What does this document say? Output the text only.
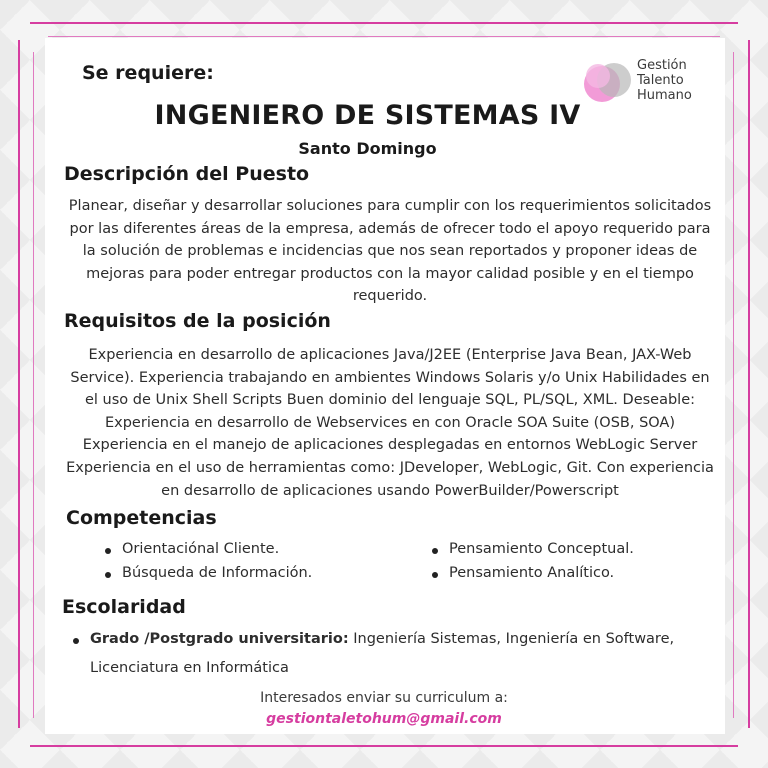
Se requiere:	Gestión
Talento
Humano
INGENIERO DE SISTEMAS IV
Santo Domingo
Descripción del Puesto
Planear, diseñar y desarrollar soluciones para cumplir con los requerimientos solicitados
por las diferentes áreas de la empresa, además de ofrecer todo el apoyo requerido para
la solución de problemas e incidencias que nos sean reportados y proponer ideas de
mejoras para poder entregar productos con la mayor calidad posible y en el tiempo
requerido.
Requisitos de la posición
Experiencia en desarrollo de aplicaciones Java/J2EE (Enterprise Java Bean, JAX-Web
Service). Experiencia trabajando en ambientes Windows Solaris y/o Unix Habilidades en
el uso de Unix Shell Scripts Buen dominio del lenguaje SQL, PL/SQL, XML. Deseable:
Experiencia en desarrollo de Webservices en con Oracle SOA Suite (OSB, SOA)
Experiencia en el manejo de aplicaciones desplegadas en entornos WebLogic Server
Experiencia en el uso de herramientas como: JDeveloper, WebLogic, Git. Con experiencia
en desarrollo de aplicaciones usando PowerBuilder/Powerscript
Competencias
Orientaciónal Cliente.
Búsqueda de Información.
Pensamiento Conceptual.
Pensamiento Analítico.
Escolaridad
Grado /Postgrado universitario: Ingeniería Sistemas, Ingeniería en Software,
Licenciatura en Informática
Interesados enviar su curriculum a:
gestiontaletohum@gmail.com
